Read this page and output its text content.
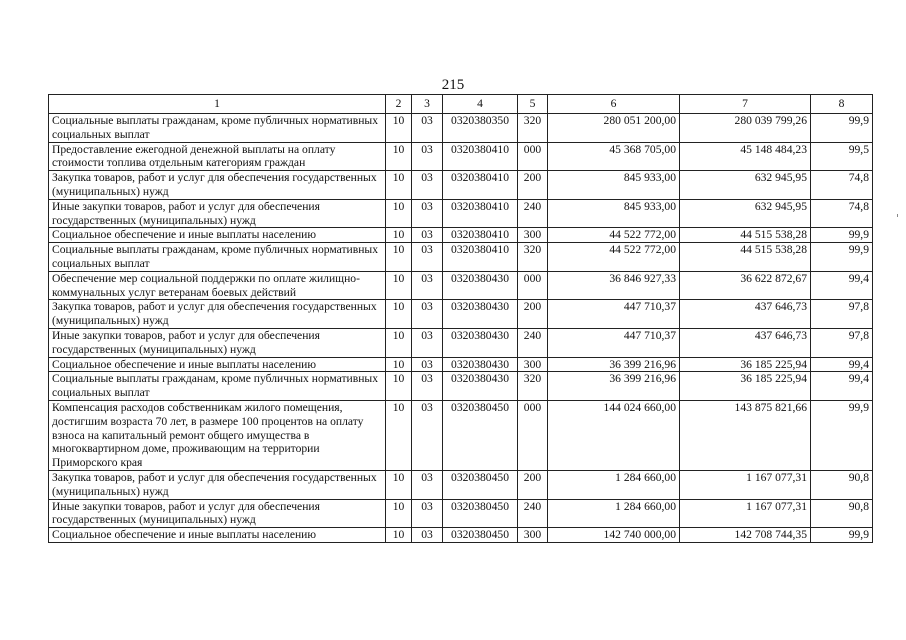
215
1	2	3	4	5	6	7	8
Социальные выплаты гражданам, кроме публичных нормативных социальных выплат	10	03	0320380350	320	280 051 200,00	280 039 799,26	99,9
Предоставление ежегодной денежной выплаты на оплату стоимости топлива отдельным категориям граждан	10	03	0320380410	000	45 368 705,00	45 148 484,23	99,5
Закупка товаров, работ и услуг для обеспечения государственных (муниципальных) нужд	10	03	0320380410	200	845 933,00	632 945,95	74,8
Иные закупки товаров, работ и услуг для обеспечения государственных (муниципальных) нужд	10	03	0320380410	240	845 933,00	632 945,95	74,8
Социальное обеспечение и иные выплаты населению	10	03	0320380410	300	44 522 772,00	44 515 538,28	99,9
Социальные выплаты гражданам, кроме публичных нормативных социальных выплат	10	03	0320380410	320	44 522 772,00	44 515 538,28	99,9
Обеспечение мер социальной поддержки по оплате жилищно-коммунальных услуг ветеранам боевых действий	10	03	0320380430	000	36 846 927,33	36 622 872,67	99,4
Закупка товаров, работ и услуг для обеспечения государственных (муниципальных) нужд	10	03	0320380430	200	447 710,37	437 646,73	97,8
Иные закупки товаров, работ и услуг для обеспечения государственных (муниципальных) нужд	10	03	0320380430	240	447 710,37	437 646,73	97,8
Социальное обеспечение и иные выплаты населению	10	03	0320380430	300	36 399 216,96	36 185 225,94	99,4
Социальные выплаты гражданам, кроме публичных нормативных социальных выплат	10	03	0320380430	320	36 399 216,96	36 185 225,94	99,4
Компенсация расходов собственникам жилого помещения, достигшим возраста 70 лет, в размере 100 процентов на оплату взноса на капитальный ремонт общего имущества в многоквартирном доме, проживающим на территории Приморского края	10	03	0320380450	000	144 024 660,00	143 875 821,66	99,9
Закупка товаров, работ и услуг для обеспечения государственных (муниципальных) нужд	10	03	0320380450	200	1 284 660,00	1 167 077,31	90,8
Иные закупки товаров, работ и услуг для обеспечения государственных (муниципальных) нужд	10	03	0320380450	240	1 284 660,00	1 167 077,31	90,8
Социальное обеспечение и иные выплаты населению	10	03	0320380450	300	142 740 000,00	142 708 744,35	99,9
